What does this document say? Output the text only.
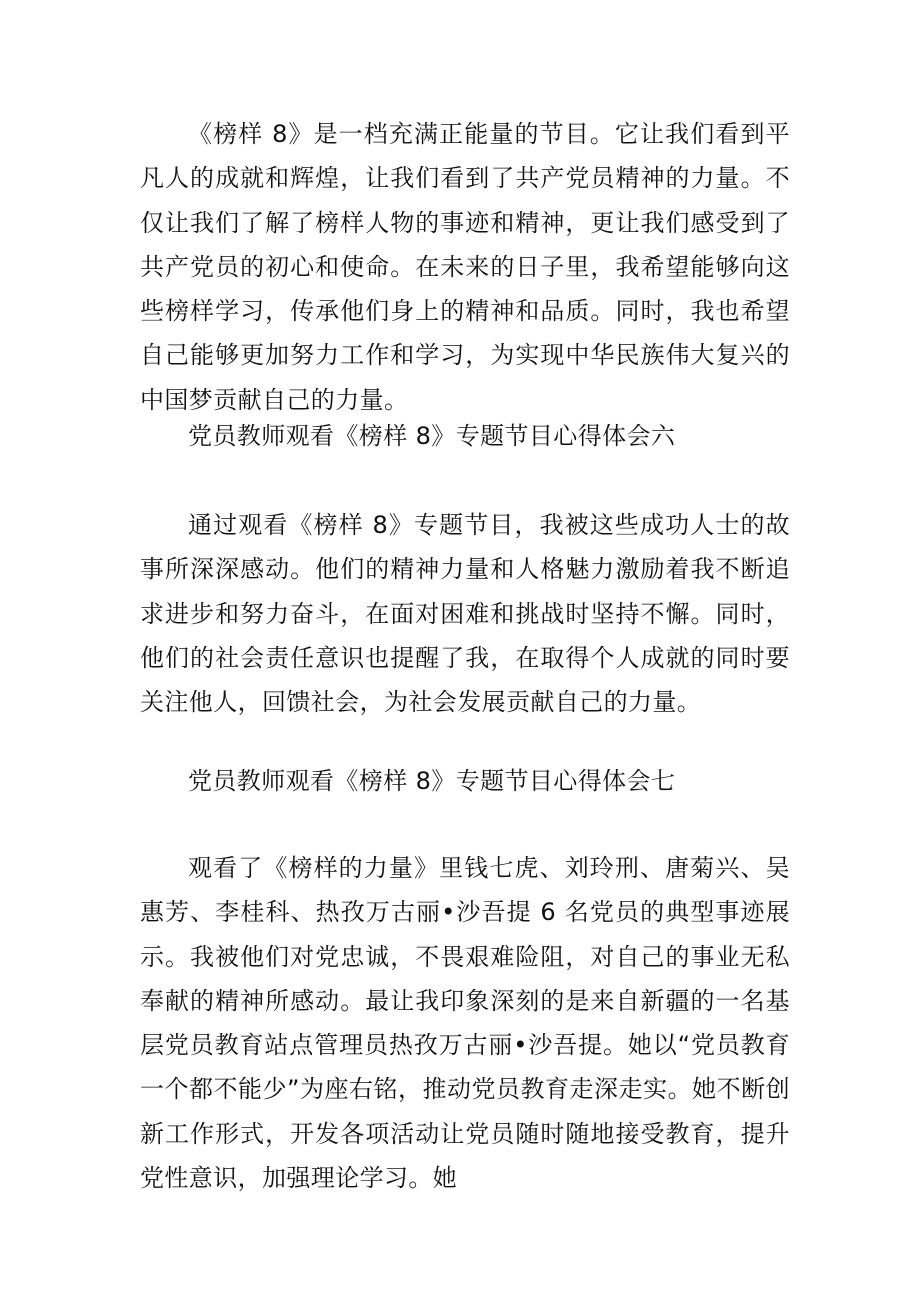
《榜样 8》是一档充满正能量的节目。它让我们看到平凡人的成就和辉煌，让我们看到了共产党员精神的力量。不仅让我们了解了榜样人物的事迹和精神，更让我们感受到了共产党员的初心和使命。在未来的日子里，我希望能够向这些榜样学习，传承他们身上的精神和品质。同时，我也希望自己能够更加努力工作和学习，为实现中华民族伟大复兴的中国梦贡献自己的力量。

党员教师观看《榜样 8》专题节目心得体会六

通过观看《榜样 8》专题节目，我被这些成功人士的故事所深深感动。他们的精神力量和人格魅力激励着我不断追求进步和努力奋斗，在面对困难和挑战时坚持不懈。同时，他们的社会责任意识也提醒了我，在取得个人成就的同时要关注他人，回馈社会，为社会发展贡献自己的力量。

党员教师观看《榜样 8》专题节目心得体会七

观看了《榜样的力量》里钱七虎、刘玲刑、唐菊兴、吴惠芳、李桂科、热孜万古丽•沙吾提 6 名党员的典型事迹展示。我被他们对党忠诚，不畏艰难险阻，对自己的事业无私奉献的精神所感动。最让我印象深刻的是来自新疆的一名基层党员教育站点管理员热孜万古丽•沙吾提。她以“党员教育一个都不能少”为座右铭，推动党员教育走深走实。她不断创新工作形式，开发各项活动让党员随时随地接受教育，提升党性意识，加强理论学习。她
